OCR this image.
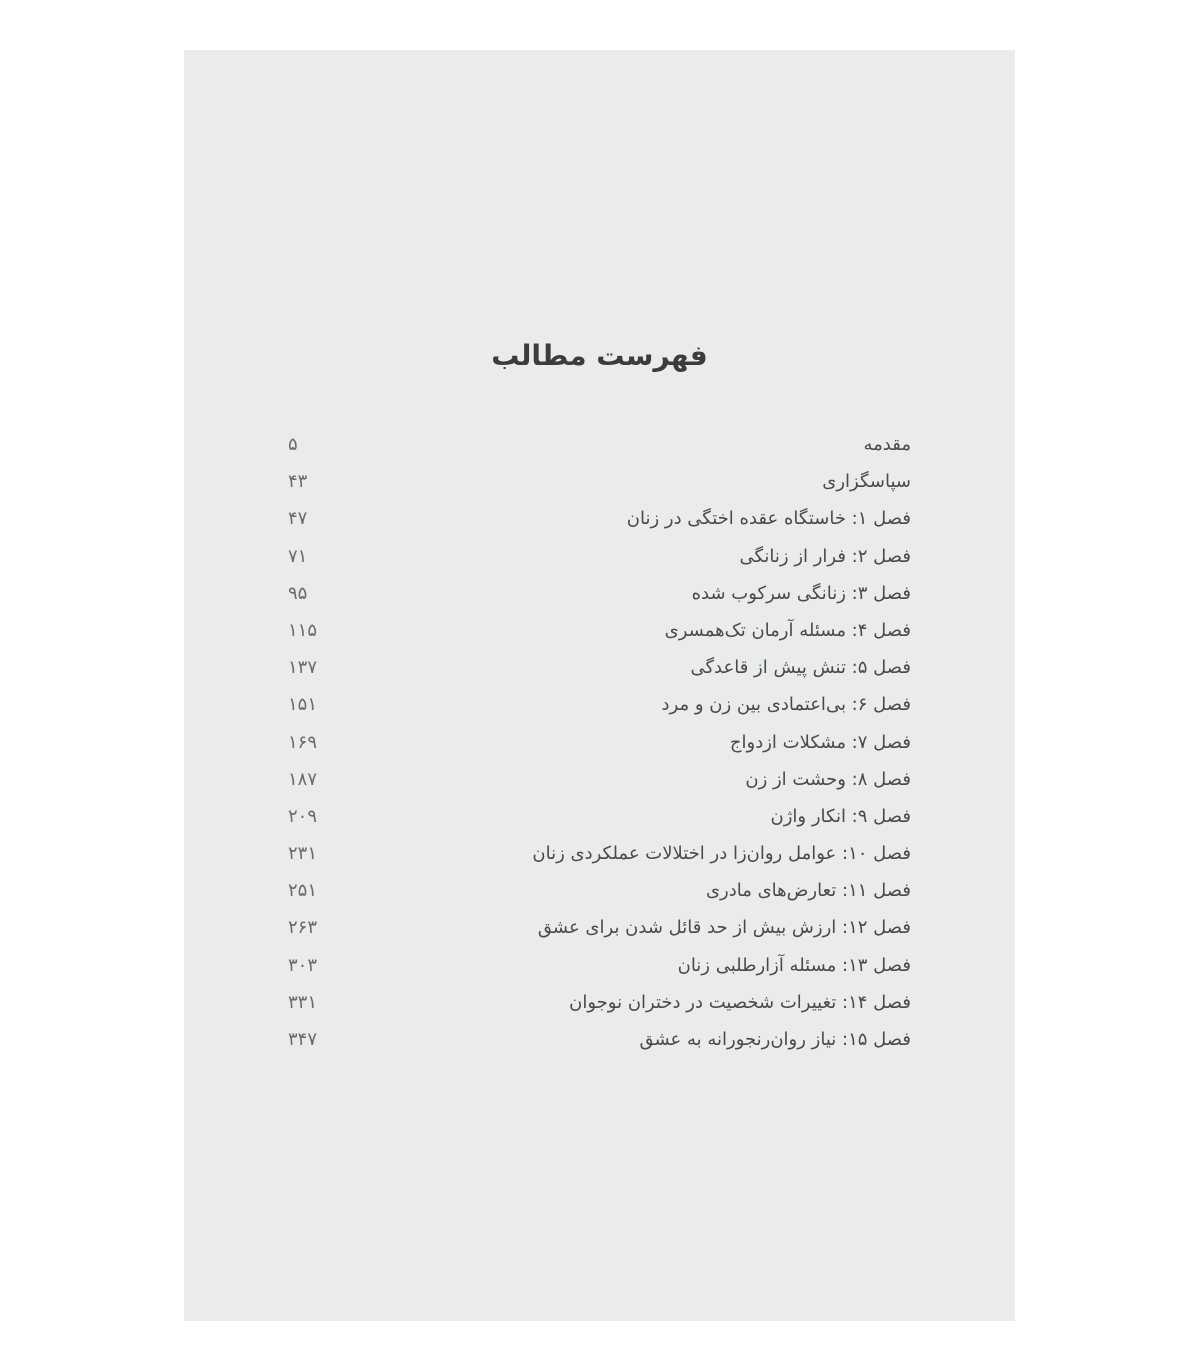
فهرست مطالب
مقدمه
۵
سپاسگزاری
۴۳
فصل ۱: خاستگاه عقده اختگی در زنان
۴۷
فصل ۲: فرار از زنانگی
۷۱
فصل ۳: زنانگی سرکوب شده
۹۵
فصل ۴: مسئله آرمان تک‌همسری
۱۱۵
فصل ۵: تنش پیش از قاعدگی
۱۳۷
فصل ۶: بی‌اعتمادی بین زن و مرد
۱۵۱
فصل ۷: مشکلات ازدواج
۱۶۹
فصل ۸: وحشت از زن
۱۸۷
فصل ۹: انکار واژن
۲۰۹
فصل ۱۰: عوامل روان‌زا در اختلالات عملکردی زنان
۲۳۱
فصل ۱۱: تعارض‌های مادری
۲۵۱
فصل ۱۲: ارزش بیش از حد قائل شدن برای عشق
۲۶۳
فصل ۱۳: مسئله آزارطلبی زنان
۳۰۳
فصل ۱۴: تغییرات شخصیت در دختران نوجوان
۳۳۱
فصل ۱۵: نیاز روان‌رنجورانه به عشق
۳۴۷
